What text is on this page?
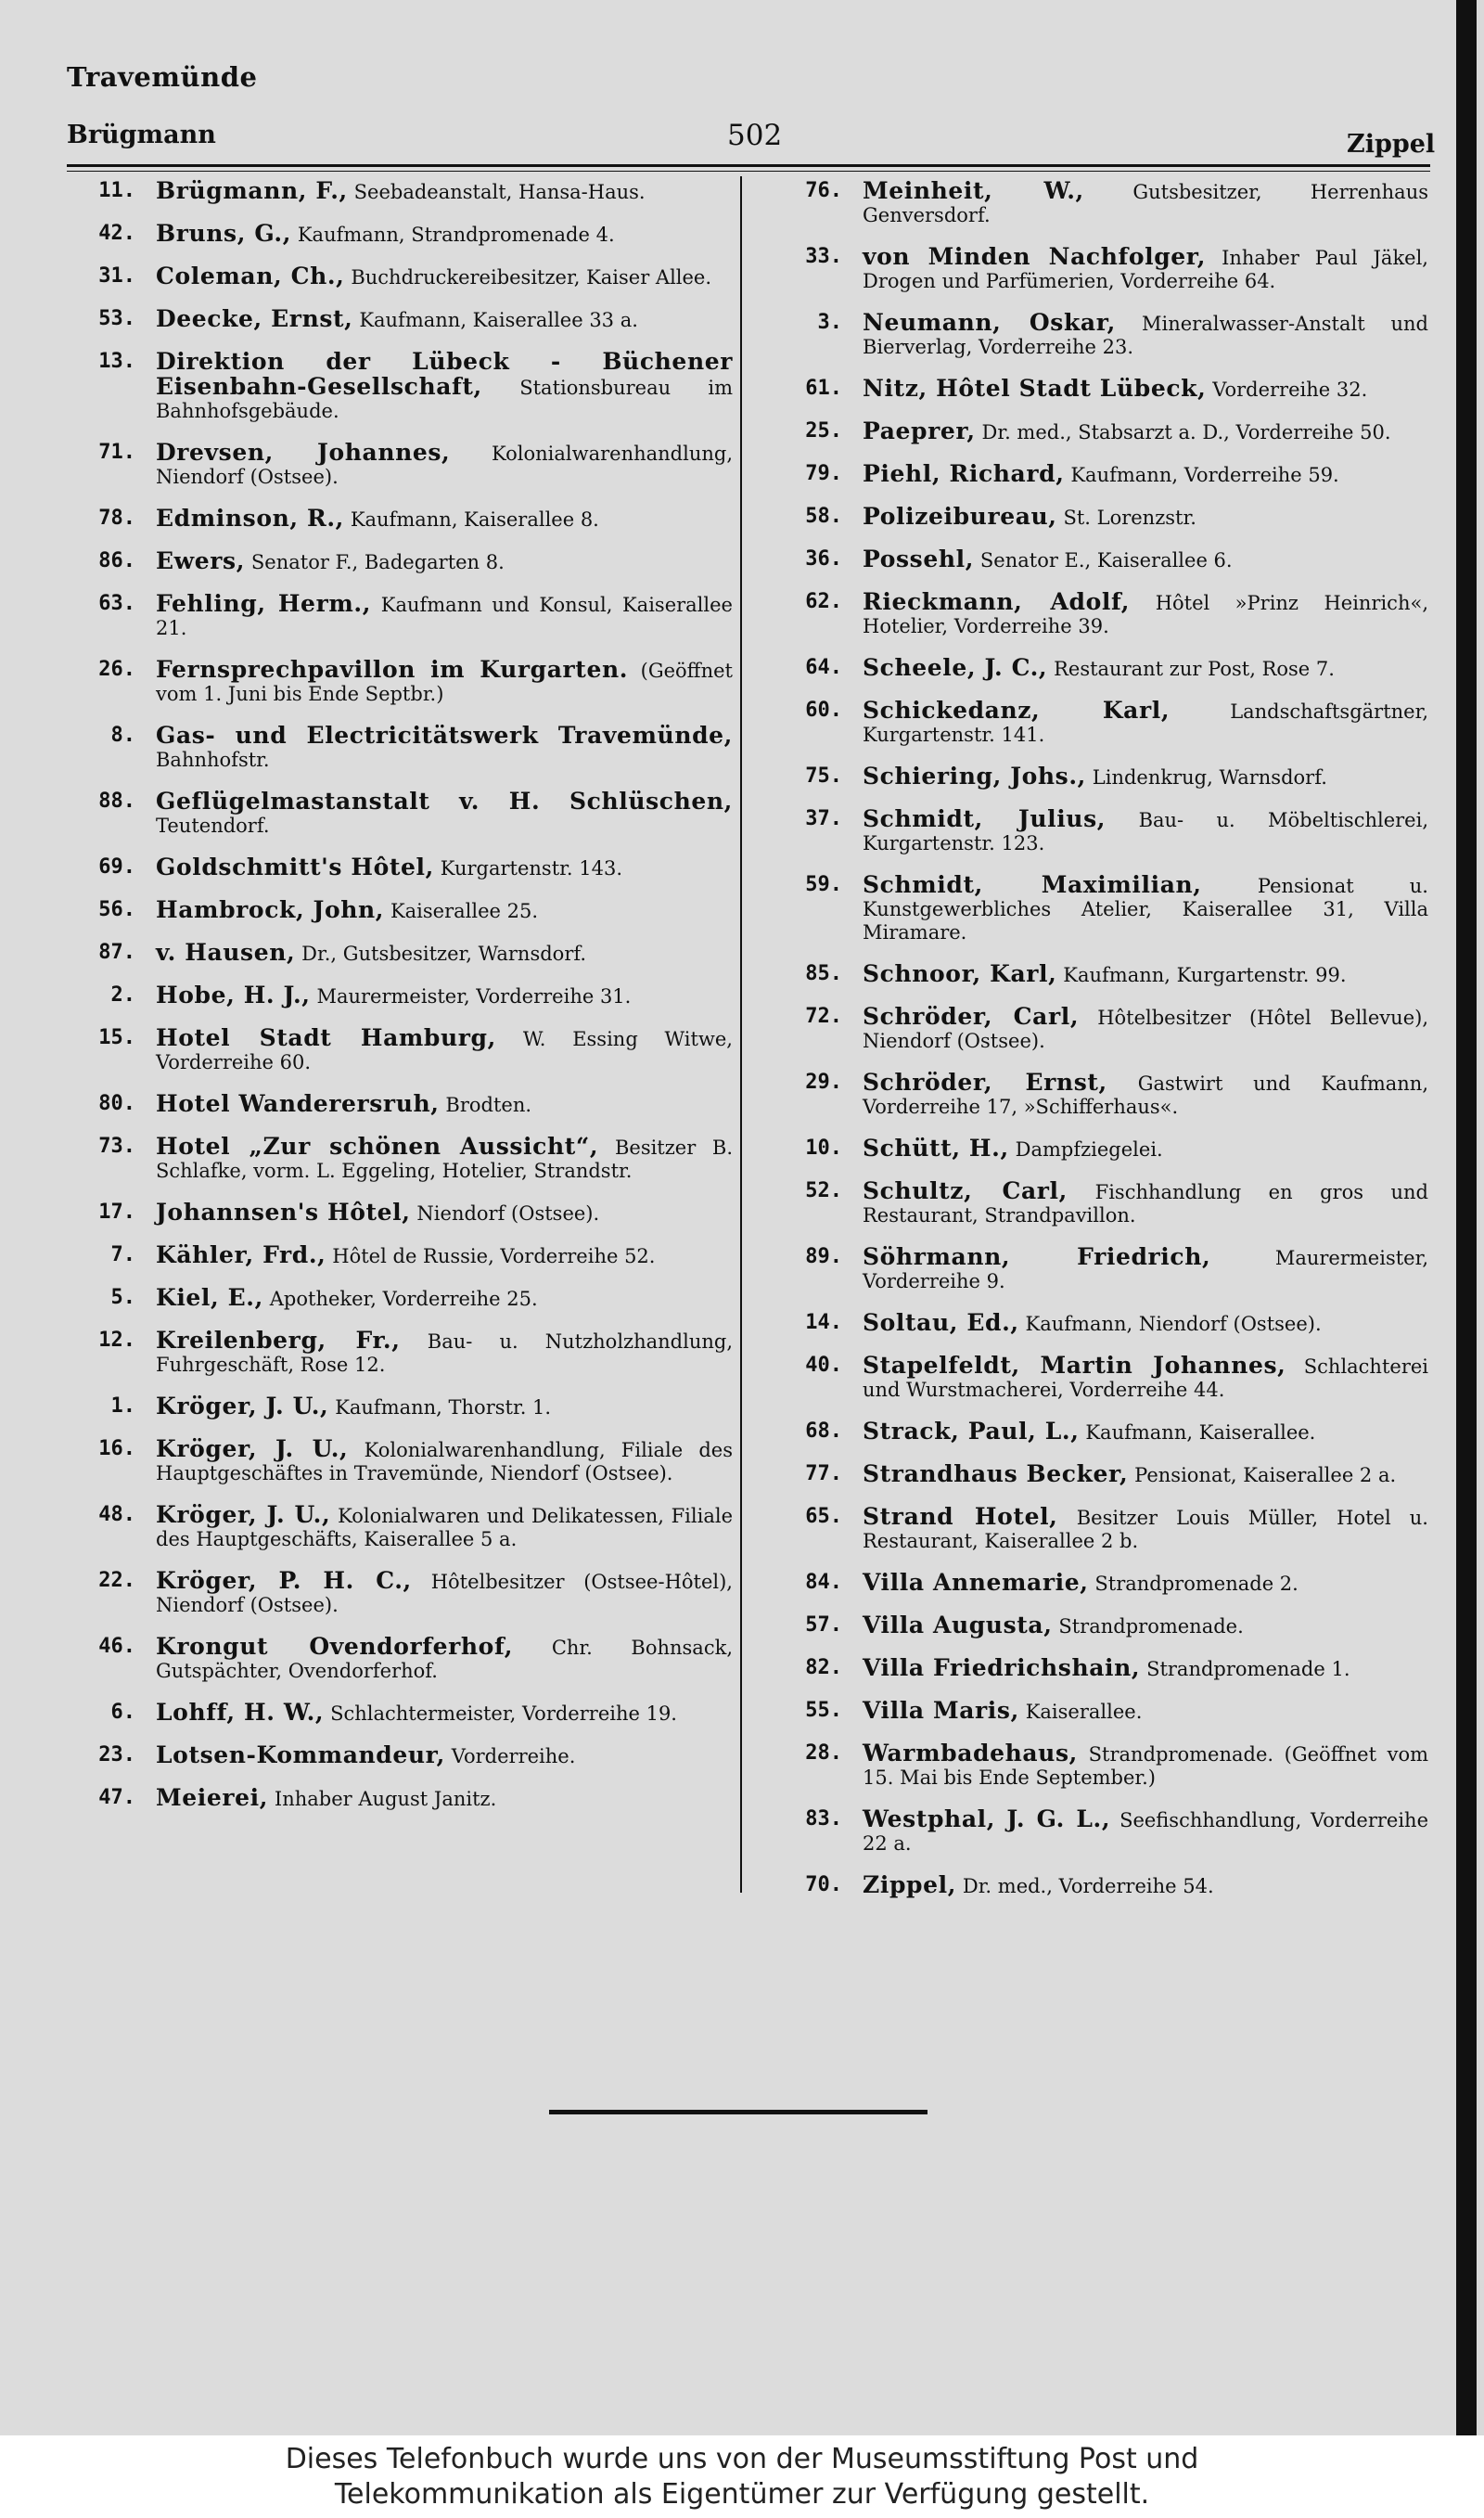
Travemünde
Brügmann	502	Zippel
11. Brügmann, F., Seebadeanstalt, Hansa-Haus.
42. Bruns, G., Kaufmann, Strandpromenade 4.
31. Coleman, Ch., Buchdruckereibesitzer, Kaiser Allee.
53. Deecke, Ernst, Kaufmann, Kaiserallee 33 a.
13. Direktion der Lübeck - Büchener Eisenbahn-Gesellschaft, Stationsbureau im Bahnhofsgebäude.
71. Drevsen, Johannes, Kolonialwarenhandlung, Niendorf (Ostsee).
78. Edminson, R., Kaufmann, Kaiserallee 8.
86. Ewers, Senator F., Badegarten 8.
63. Fehling, Herm., Kaufmann und Konsul, Kaiserallee 21.
26. Fernsprechpavillon im Kurgarten. (Geöffnet vom 1. Juni bis Ende Septbr.)
8. Gas- und Electricitätswerk Travemünde, Bahnhofstr.
88. Geflügelmastanstalt v. H. Schlüschen, Teutendorf.
69. Goldschmitt's Hôtel, Kurgartenstr. 143.
56. Hambrock, John, Kaiserallee 25.
87. v. Hausen, Dr., Gutsbesitzer, Warnsdorf.
2. Hobe, H. J., Maurermeister, Vorderreihe 31.
15. Hotel Stadt Hamburg, W. Essing Witwe, Vorderreihe 60.
80. Hotel Wanderersruh, Brodten.
73. Hotel „Zur schönen Aussicht“, Besitzer B. Schlafke, vorm. L. Eggeling, Hotelier, Strandstr.
17. Johannsen's Hôtel, Niendorf (Ostsee).
7. Kähler, Frd., Hôtel de Russie, Vorderreihe 52.
5. Kiel, E., Apotheker, Vorderreihe 25.
12. Kreilenberg, Fr., Bau- u. Nutzholzhandlung, Fuhrgeschäft, Rose 12.
1. Kröger, J. U., Kaufmann, Thorstr. 1.
16. Kröger, J. U., Kolonialwarenhandlung, Filiale des Hauptgeschäftes in Travemünde, Niendorf (Ostsee).
48. Kröger, J. U., Kolonialwaren und Delikatessen, Filiale des Hauptgeschäfts, Kaiserallee 5 a.
22. Kröger, P. H. C., Hôtelbesitzer (Ostsee-Hôtel), Niendorf (Ostsee).
46. Krongut Ovendorferhof, Chr. Bohnsack, Gutspächter, Ovendorferhof.
6. Lohff, H. W., Schlachtermeister, Vorderreihe 19.
23. Lotsen-Kommandeur, Vorderreihe.
47. Meierei, Inhaber August Janitz.
76. Meinheit, W.,	Gutsbesitzer, Herrenhaus Genversdorf.
33. von Minden Nachfolger, Inhaber Paul Jäkel, Drogen und Parfümerien, Vorderreihe 64.
3. Neumann, Oskar, Mineralwasser-Anstalt und Bierverlag, Vorderreihe 23.
61. Nitz, Hôtel Stadt Lübeck, Vorderreihe 32.
25. Paeprer, Dr. med., Stabsarzt a. D., Vorderreihe 50.
79. Piehl, Richard, Kaufmann, Vorderreihe 59.
58. Polizeibureau, St. Lorenzstr.
36. Possehl, Senator E., Kaiserallee 6.
62. Rieckmann, Adolf, Hôtel »Prinz Heinrich«, Hotelier, Vorderreihe 39.
64. Scheele, J. C., Restaurant zur Post, Rose 7.
60. Schickedanz, Karl,	Landschaftsgärtner, Kurgartenstr. 141.
75. Schiering, Johs., Lindenkrug, Warnsdorf.
37. Schmidt, Julius, Bau- u. Möbeltischlerei, Kurgartenstr. 123.
59. Schmidt, Maximilian,	Pensionat u. Kunstgewerbliches Atelier, Kaiserallee 31, Villa Miramare.
85. Schnoor, Karl, Kaufmann, Kurgartenstr. 99.
72. Schröder, Carl, Hôtelbesitzer (Hôtel Bellevue), Niendorf (Ostsee).
29. Schröder, Ernst, Gastwirt und Kaufmann, Vorderreihe 17, »Schifferhaus«.
10. Schütt, H., Dampfziegelei.
52. Schultz, Carl, Fischhandlung en gros und Restaurant, Strandpavillon.
89. Söhrmann, Friedrich,	Maurermeister, Vorderreihe 9.
14. Soltau, Ed., Kaufmann, Niendorf (Ostsee).
40. Stapelfeldt, Martin Johannes, Schlachterei und Wurstmacherei, Vorderreihe 44.
68. Strack, Paul, L., Kaufmann, Kaiserallee.
77. Strandhaus Becker, Pensionat, Kaiserallee 2 a.
65. Strand Hotel, Besitzer Louis Müller, Hotel u. Restaurant, Kaiserallee 2 b.
84. Villa Annemarie, Strandpromenade 2.
57. Villa Augusta, Strandpromenade.
82. Villa Friedrichshain, Strandpromenade 1.
55. Villa Maris, Kaiserallee.
28. Warmbadehaus, Strandpromenade. (Geöffnet vom 15. Mai bis Ende September.)
83. Westphal, J. G. L., Seefischhandlung, Vorderreihe 22 a.
70. Zippel, Dr. med., Vorderreihe 54.
Dieses Telefonbuch wurde uns von der Museumsstiftung Post und
Telekommunikation als Eigentümer zur Verfügung gestellt.
